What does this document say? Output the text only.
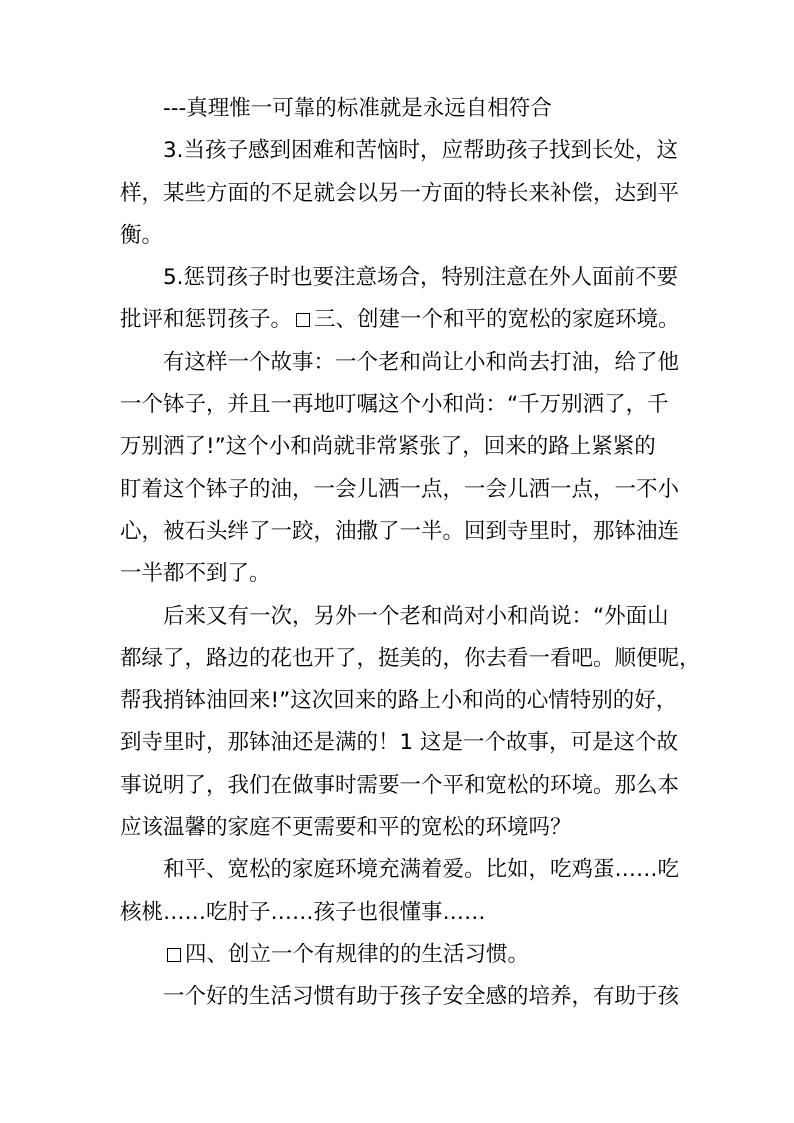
---真理惟一可靠的标准就是永远自相符合
3.当孩子感到困难和苦恼时，应帮助孩子找到长处，这
样，某些方面的不足就会以另一方面的特长来补偿，达到平
衡。
5.惩罚孩子时也要注意场合，特别注意在外人面前不要
批评和惩罚孩子。 三、创建一个和平的宽松的家庭环境。
有这样一个故事：一个老和尚让小和尚去打油，给了他
一个钵子，并且一再地叮嘱这个小和尚：“千万别洒了，千
万别洒了!”这个小和尚就非常紧张了，回来的路上紧紧的
盯着这个钵子的油，一会儿洒一点，一会儿洒一点，一不小
心，被石头绊了一跤，油撒了一半。回到寺里时，那钵油连
一半都不到了。
后来又有一次，另外一个老和尚对小和尚说：“外面山
都绿了，路边的花也开了，挺美的，你去看一看吧。顺便呢，
帮我捎钵油回来!”这次回来的路上小和尚的心情特别的好，
到寺里时，那钵油还是满的！1 这是一个故事，可是这个故
事说明了，我们在做事时需要一个平和宽松的环境。那么本
应该温馨的家庭不更需要和平的宽松的环境吗？
和平、宽松的家庭环境充满着爱。比如，吃鸡蛋……吃
核桃……吃肘子……孩子也很懂事……
四、创立一个有规律的的生活习惯。
一个好的生活习惯有助于孩子安全感的培养，有助于孩
